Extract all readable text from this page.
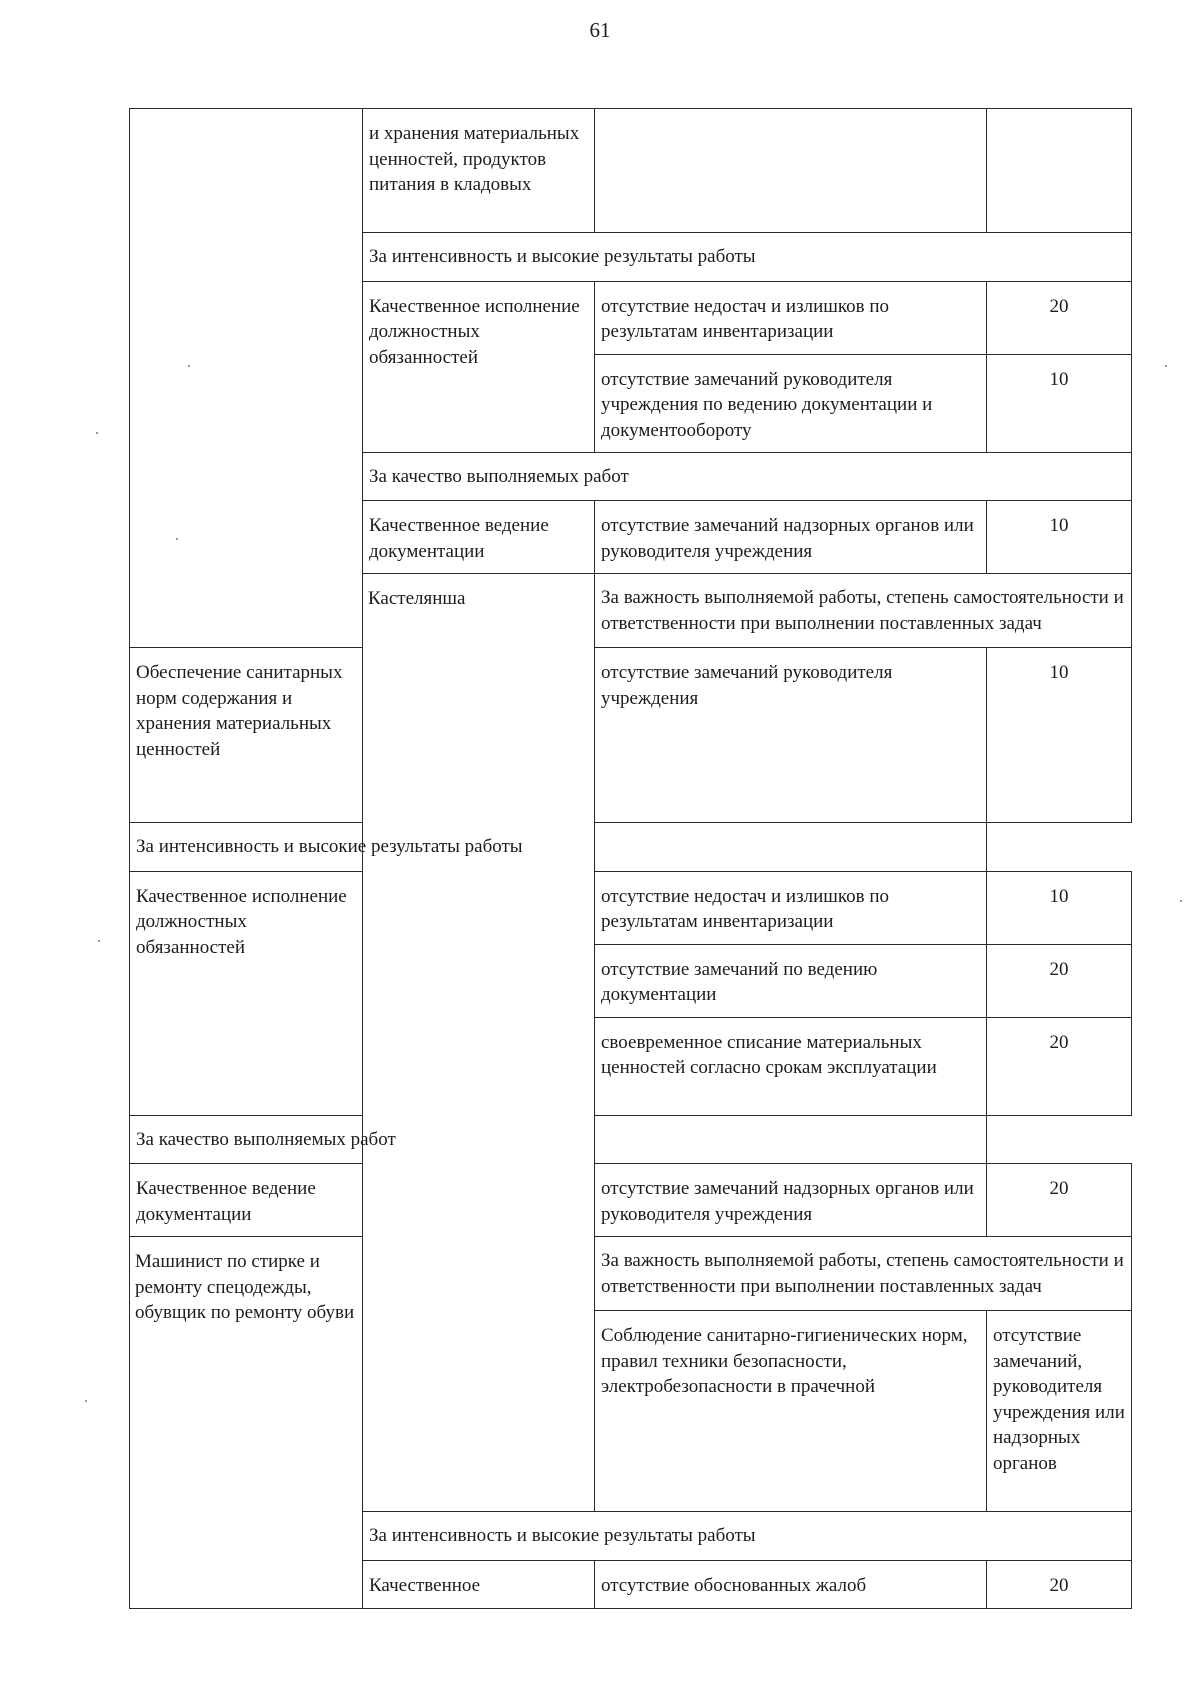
61
	и хранения материальных ценностей, продуктов питания в кладовых			
	За интенсивность и высокие результаты работы			
	Качественное исполнение должностных обязанностей	отсутствие недостач и излишков по результатам инвентаризации	20	
		отсутствие замечаний руководителя учреждения по ведению документации и документообороту	10	
	За качество выполняемых работ			
	Качественное ведение документации	отсутствие замечаний надзорных органов или руководителя учреждения	10	
	Кастелянша	За важность выполняемой работы, степень самостоятельности и ответственности при выполнении поставленных задач		
Обеспечение санитарных норм содержания и хранения материальных ценностей		отсутствие замечаний руководителя учреждения	10	
За интенсивность и высокие результаты работы				
Качественное исполнение должностных обязанностей		отсутствие недостач и излишков по результатам инвентаризации	10	
		отсутствие замечаний по ведению документации	20	
		своевременное списание материальных ценностей согласно срокам эксплуатации	20	
За качество выполняемых работ				
Качественное ведение документации		отсутствие замечаний надзорных органов или руководителя учреждения	20	
Машинист по стирке и ремонту спецодежды, обувщик по ремонту обуви		За важность выполняемой работы, степень самостоятельности и ответственности при выполнении поставленных задач		
		Соблюдение санитарно-гигиенических норм, правил техники безопасности, электробезопасности в прачечной	отсутствие замечаний, руководителя учреждения или надзорных органов	
	За интенсивность и высокие результаты работы			
	Качественное	отсутствие обоснованных жалоб	20	
